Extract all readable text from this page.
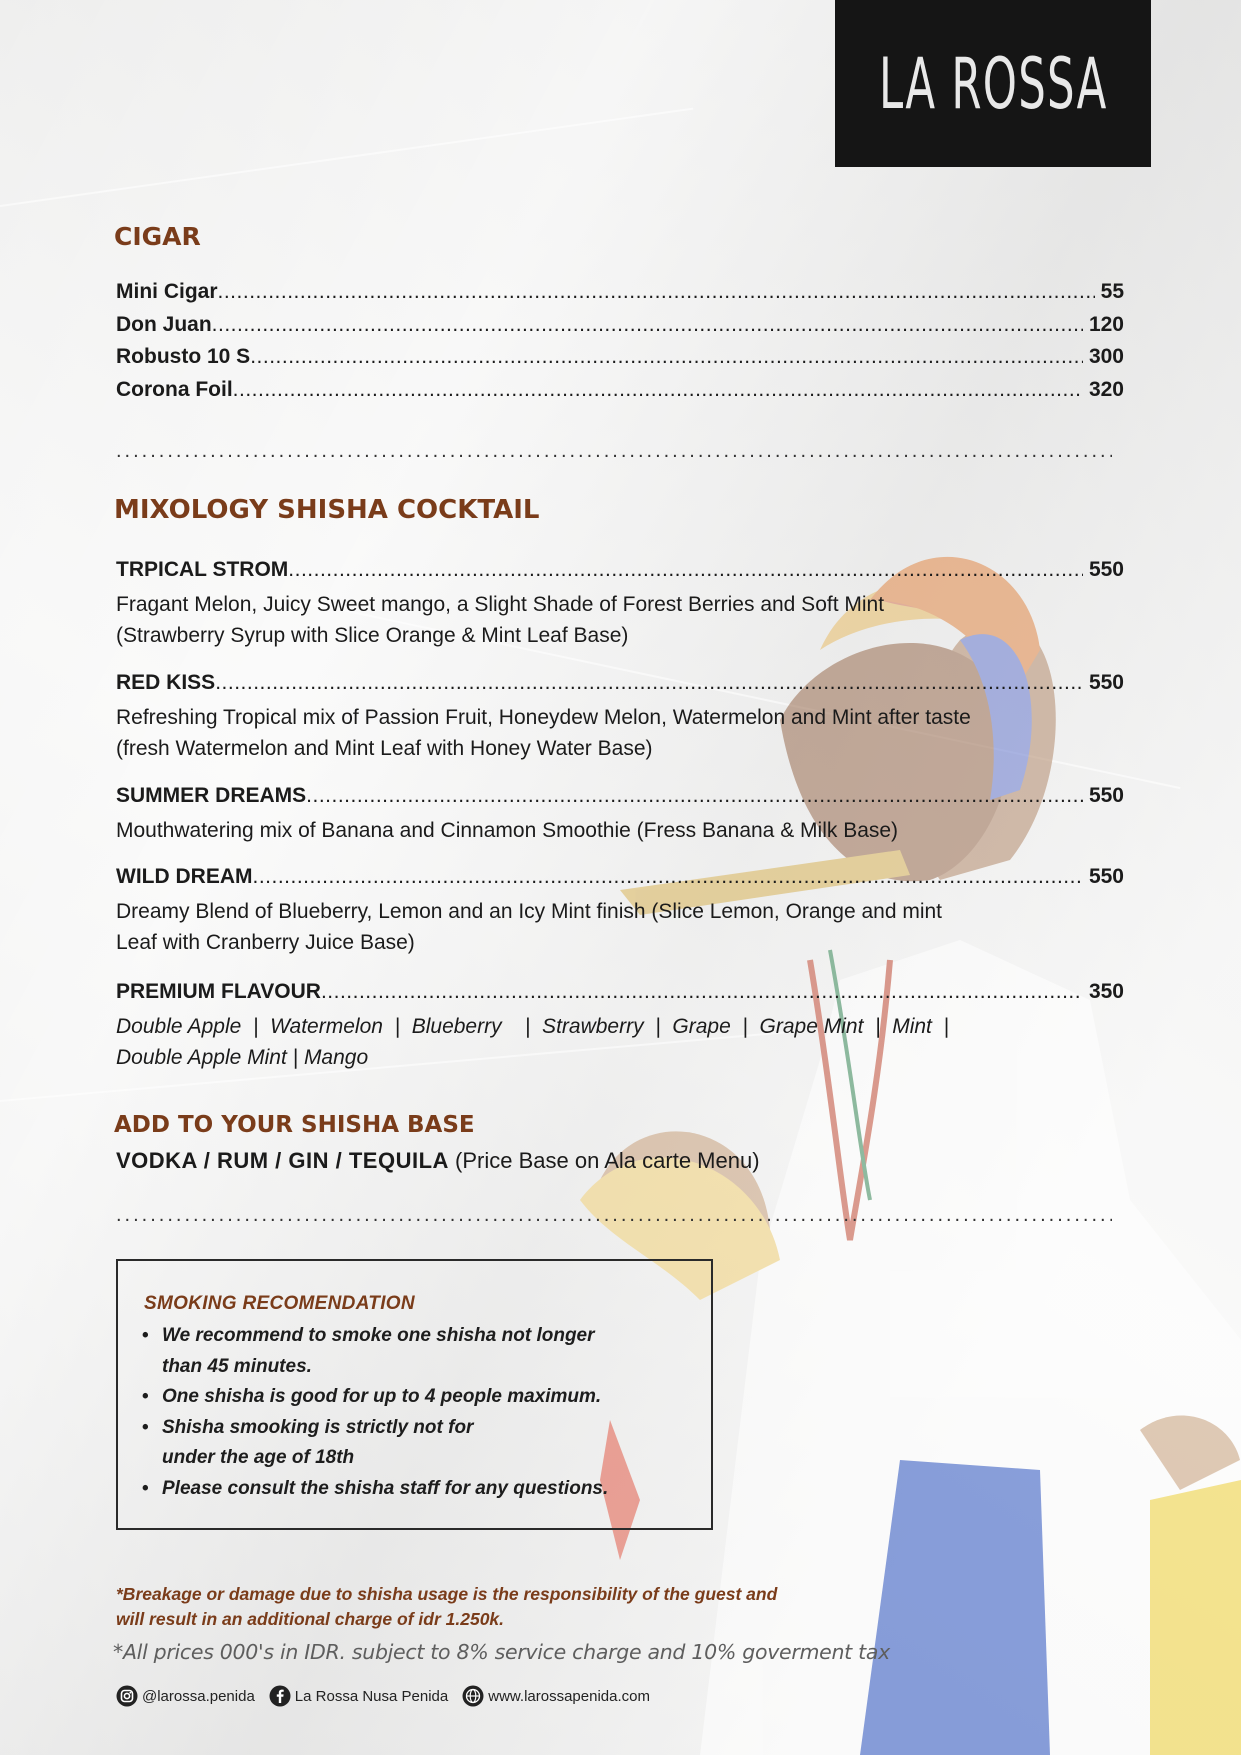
LA ROSSA
CIGAR
Mini Cigar .....	55
Don Juan .....	120
Robusto 10 S .....	300
Corona Foil .....	320
.....
MIXOLOGY SHISHA COCKTAIL
TRPICAL STROM .....	550
Fragant Melon, Juicy Sweet mango, a Slight Shade of Forest Berries and Soft Mint
(Strawberry Syrup with Slice Orange & Mint Leaf Base)
RED KISS .....	550
Refreshing Tropical mix of Passion Fruit, Honeydew Melon, Watermelon and Mint after taste
(fresh Watermelon and Mint Leaf with Honey Water Base)
SUMMER DREAMS .....	550
Mouthwatering mix of Banana and Cinnamon Smoothie (Fress Banana & Milk Base)
WILD DREAM .....	550
Dreamy Blend of Blueberry, Lemon and an Icy Mint finish (Slice Lemon, Orange and mint
Leaf with Cranberry Juice Base)
PREMIUM FLAVOUR .....	350
Double Apple  |  Watermelon  |  Blueberry    |  Strawberry  |  Grape  |  Grape Mint  |  Mint  |
Double Apple Mint | Mango
ADD TO YOUR SHISHA BASE
VODKA / RUM / GIN / TEQUILA (Price Base on Ala carte Menu)
.....
SMOKING RECOMENDATION
• We recommend to smoke one shisha not longer
than 45 minutes.
• One shisha is good for up to 4 people maximum.
• Shisha smooking is strictly not for
under the age of 18th
• Please consult the shisha staff for any questions.
*Breakage or damage due to shisha usage is the responsibility of the guest and
will result in an additional charge of idr 1.250k.
*All prices 000's in IDR. subject to 8% service charge and 10% goverment tax
@larossa.penida	La Rossa Nusa Penida	www.larossapenida.com
